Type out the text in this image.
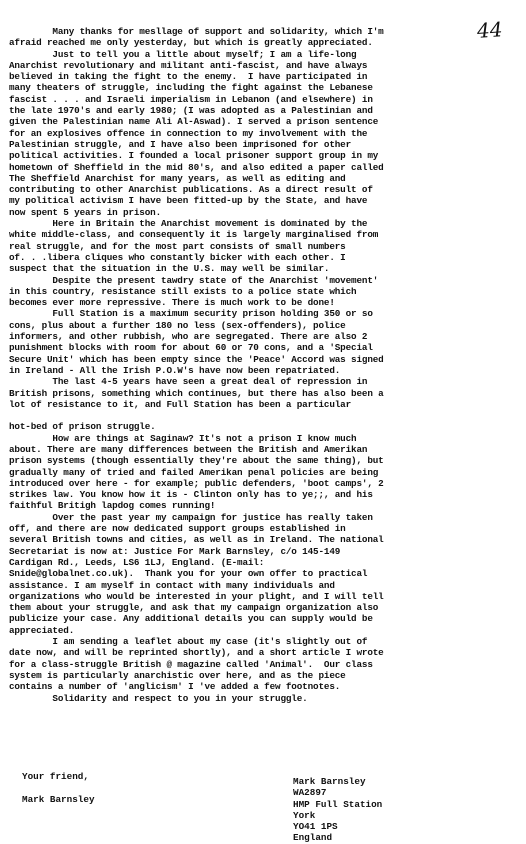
44
Many thanks for mesllage of support and solidarity, which I'm
afraid reached me only yesterday, but which is greatly appreciated.
Just to tell you a little about myself; I am a life-long
Anarchist revolutionary and militant anti-fascist, and have always
believed in taking the fight to the enemy.  I have participated in
many theaters of struggle, including the fight against the Lebanese
fascist . . . and Israeli imperialism in Lebanon (and elsewhere) in
the late 1970's and early 1980; (I was adopted as a Palestinian and
given the Palestinian name Ali Al-Aswad). I served a prison sentence
for an explosives offence in connection to my involvement with the
Palestinian struggle, and I have also been imprisoned for other
political activities. I founded a local prisoner support group in my
hometown of Sheffield in the mid 80's, and also edited a paper called
The Sheffield Anarchist for many years, as well as editing and
contributing to other Anarchist publications. As a direct result of
my political activism I have been fitted-up by the State, and have
now spent 5 years in prison.
Here in Britain the Anarchist movement is dominated by the
white middle-class, and consequently it is largely marginalised from
real struggle, and for the most part consists of small numbers
of. . .libera cliques who constantly bicker with each other. I
suspect that the situation in the U.S. may well be similar.
Despite the present tawdry state of the Anarchist 'movement'
in this country, resistance still exists to a police state which
becomes ever more repressive. There is much work to be done!
Full Station is a maximum security prison holding 350 or so
cons, plus about a further 180 no less (sex-offenders), police
informers, and other rubbish, who are segregated. There are also 2
punishment blocks with room for about 60 or 70 cons, and a 'Special
Secure Unit' which has been empty since the 'Peace' Accord was signed
in Ireland - All the Irish P.O.W's have now been repatriated.
The last 4-5 years have seen a great deal of repression in
British prisons, something which continues, but there has also been a
lot of resistance to it, and Full Station has been a particular
hot-bed of prison struggle.
How are things at Saginaw? It's not a prison I know much
about. There are many differences between the British and Amerikan
prison systems (though essentially they're about the same thing), but
gradually many of tried and failed Amerikan penal policies are being
introduced over here - for example; public defenders, 'boot camps', 2
strikes law. You know how it is - Clinton only has to ye;;, and his
faithful Britigh lapdog comes running!
Over the past year my campaign for justice has really taken
off, and there are now dedicated support groups established in
several British towns and cities, as well as in Ireland. The national
Secretariat is now at: Justice For Mark Barnsley, c/o 145-149
Cardigan Rd., Leeds, LS6 1LJ, England. (E-mail:
Snide@globalnet.co.uk).  Thank you for your own offer to practical
assistance. I am myself in contact with many individuals and
organizations who would be interested in your plight, and I will tell
them about your struggle, and ask that my campaign organization also
publicize your case. Any additional details you can supply would be
appreciated.
I am sending a leaflet about my case (it's slightly out of
date now, and will be reprinted shortly), and a short article I wrote
for a class-struggle British @ magazine called 'Animal'.  Our class
system is particularly anarchistic over here, and as the piece
contains a number of 'anglicism' I 've added a few footnotes.
Solidarity and respect to you in your struggle.
Your friend,
Mark Barnsley
Mark Barnsley
WA2897
HMP Full Station
York
YO41 1PS
England
